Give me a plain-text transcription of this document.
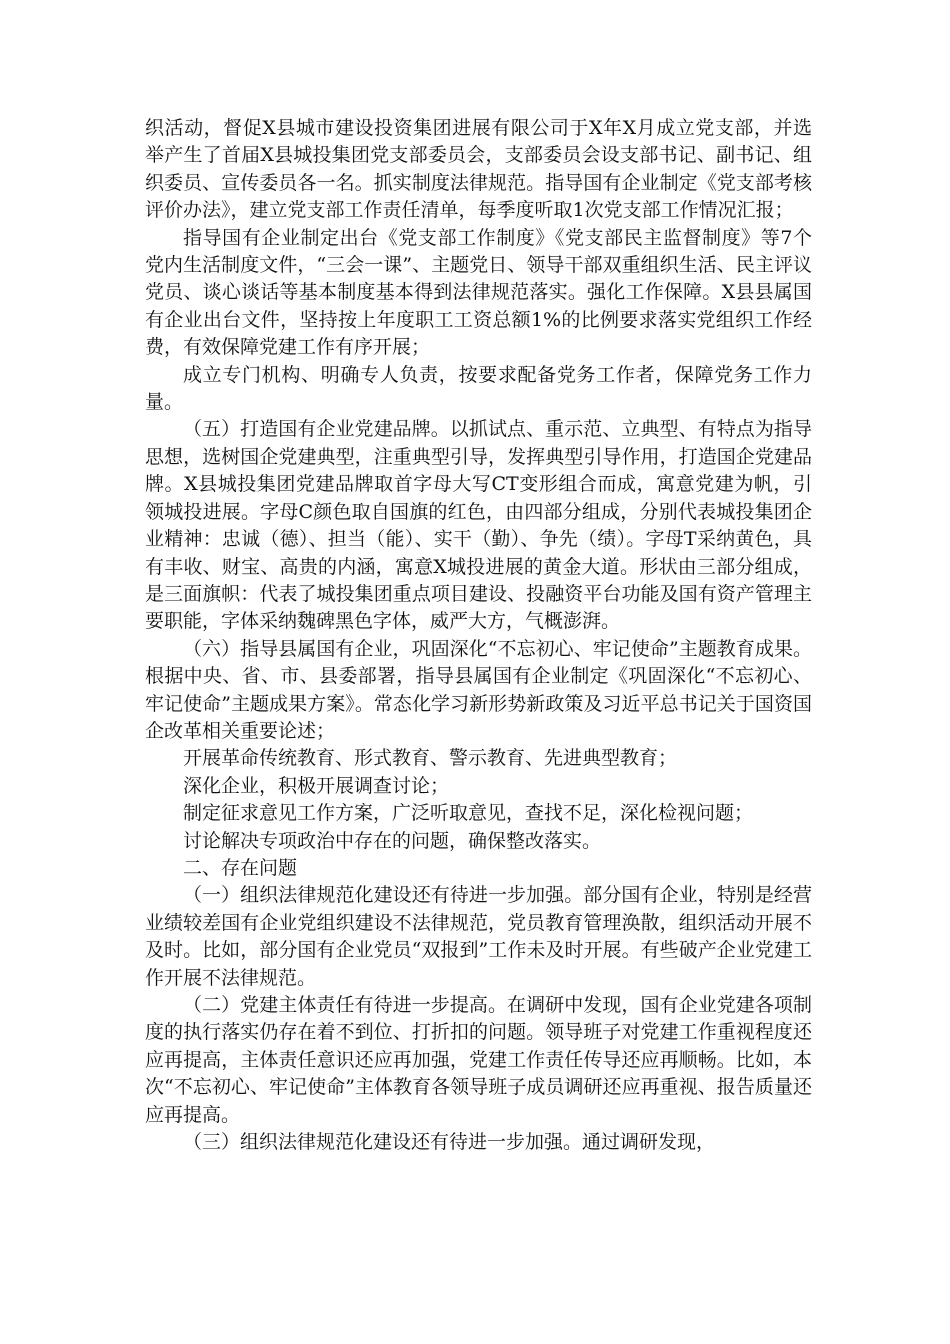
织活动，督促X县城市建设投资集团进展有限公司于X年X月成立党支部，并选举产生了首届X县城投集团党支部委员会，支部委员会设支部书记、副书记、组织委员、宣传委员各一名。抓实制度法律规范。指导国有企业制定《党支部考核评价办法》，建立党支部工作责任清单，每季度听取1次党支部工作情况汇报；

指导国有企业制定出台《党支部工作制度》《党支部民主监督制度》等7个党内生活制度文件，“三会一课”、主题党日、领导干部双重组织生活、民主评议党员、谈心谈话等基本制度基本得到法律规范落实。强化工作保障。X县县属国有企业出台文件，坚持按上年度职工工资总额1%的比例要求落实党组织工作经费，有效保障党建工作有序开展；

成立专门机构、明确专人负责，按要求配备党务工作者，保障党务工作力量。

（五）打造国有企业党建品牌。以抓试点、重示范、立典型、有特点为指导思想，选树国企党建典型，注重典型引导，发挥典型引导作用，打造国企党建品牌。X县城投集团党建品牌取首字母大写CT变形组合而成，寓意党建为帆，引领城投进展。字母C颜色取自国旗的红色，由四部分组成，分别代表城投集团企业精神：忠诚（德）、担当（能）、实干（勤）、争先（绩）。字母T采纳黄色，具有丰收、财宝、高贵的内涵，寓意X城投进展的黄金大道。形状由三部分组成，是三面旗帜：代表了城投集团重点项目建设、投融资平台功能及国有资产管理主要职能，字体采纳魏碑黑色字体，威严大方，气概澎湃。

（六）指导县属国有企业，巩固深化“不忘初心、牢记使命”主题教育成果。根据中央、省、市、县委部署，指导县属国有企业制定《巩固深化“不忘初心、牢记使命”主题成果方案》。常态化学习新形势新政策及习近平总书记关于国资国企改革相关重要论述；

开展革命传统教育、形式教育、警示教育、先进典型教育；

深化企业，积极开展调查讨论；

制定征求意见工作方案，广泛听取意见，查找不足，深化检视问题；

讨论解决专项政治中存在的问题，确保整改落实。

二、存在问题

（一）组织法律规范化建设还有待进一步加强。部分国有企业，特别是经营业绩较差国有企业党组织建设不法律规范，党员教育管理涣散，组织活动开展不及时。比如，部分国有企业党员“双报到”工作未及时开展。有些破产企业党建工作开展不法律规范。

（二）党建主体责任有待进一步提高。在调研中发现，国有企业党建各项制度的执行落实仍存在着不到位、打折扣的问题。领导班子对党建工作重视程度还应再提高，主体责任意识还应再加强，党建工作责任传导还应再顺畅。比如，本次“不忘初心、牢记使命”主体教育各领导班子成员调研还应再重视、报告质量还应再提高。

（三）组织法律规范化建设还有待进一步加强。通过调研发现，
